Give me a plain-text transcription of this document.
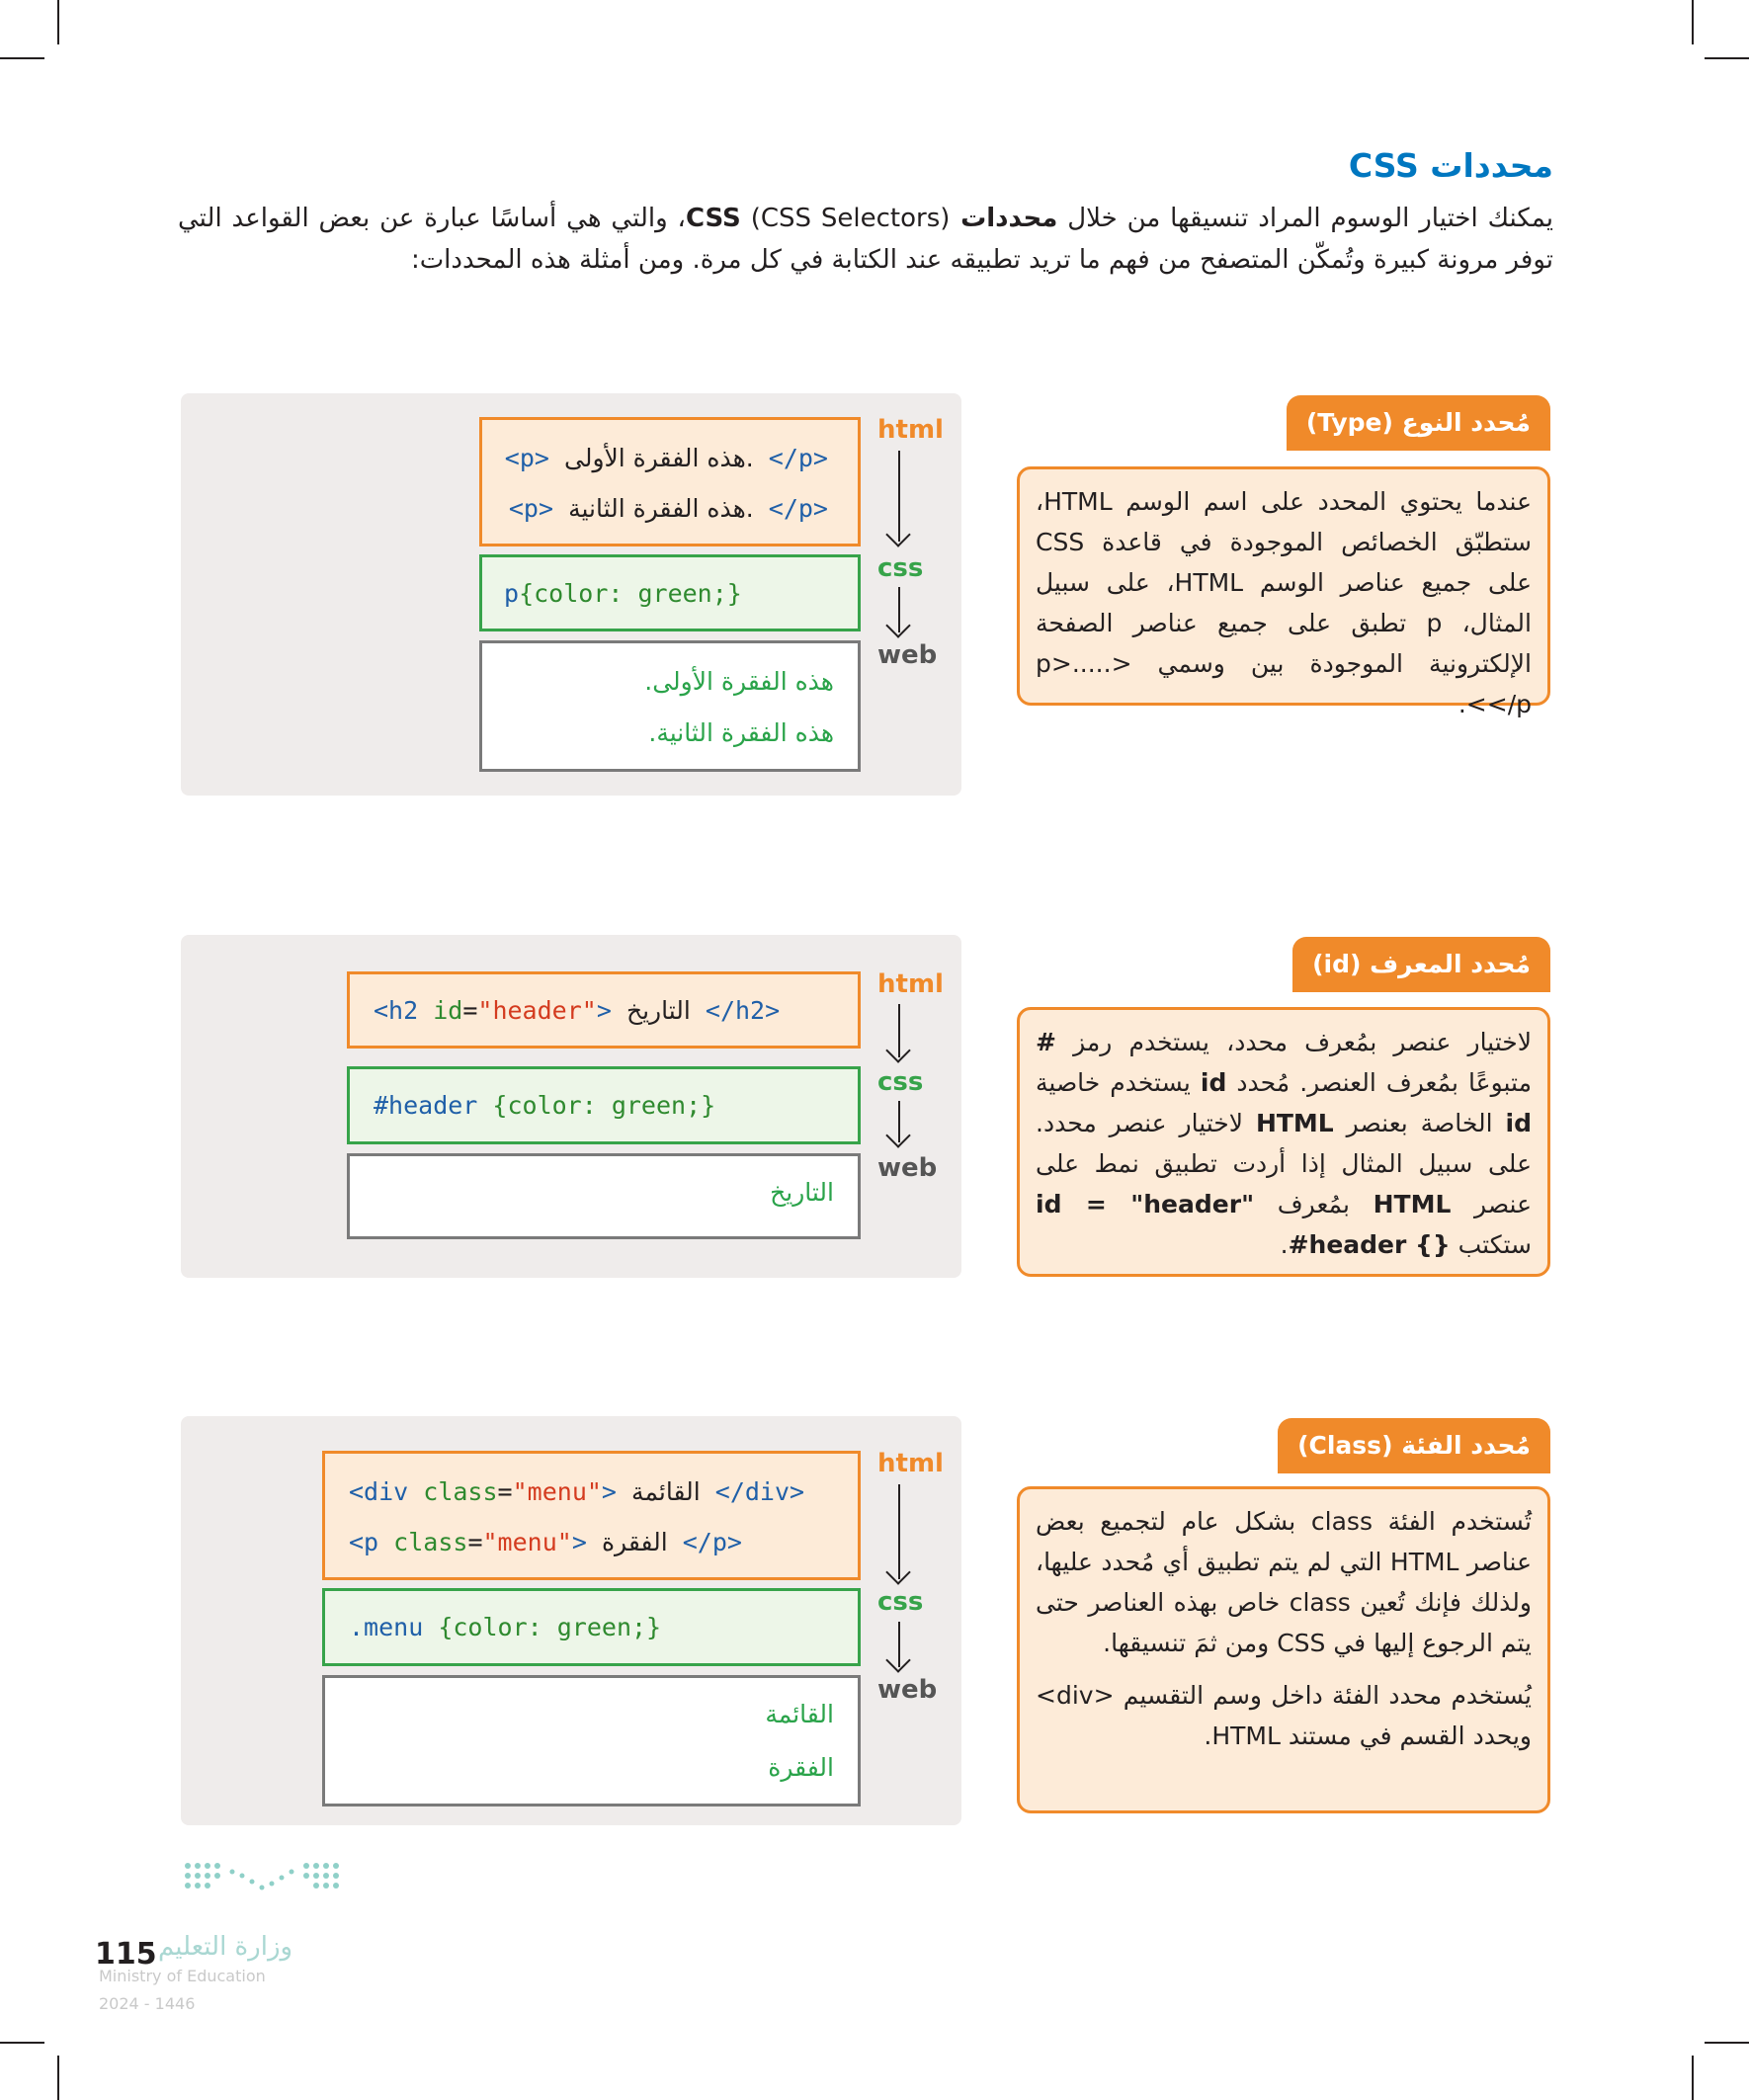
محددات CSS

يمكنك اختيار الوسوم المراد تنسيقها من خلال محددات CSS (CSS Selectors)، والتي هي أساسًا عبارة عن بعض القواعد التي توفر مرونة كبيرة وتُمكّن المتصفح من فهم ما تريد تطبيقه عند الكتابة في كل مرة. ومن أمثلة هذه المحددات:

<p> هذه الفقرة الأولى. </p>
<p> هذه الفقرة الثانية. </p>
p{color: green;}
هذه الفقرة الأولى.
هذه الفقرة الثانية.
html
css
web
مُحدد النوع (Type)
عندما يحتوي المحدد على اسم الوسم HTML، ستطبّق الخصائص الموجودة في قاعدة CSS على جميع عناصر الوسم HTML، على سبيل المثال، p تطبق على جميع عناصر الصفحة الإلكترونية الموجودة بين وسمي <p>.....</p>.
<h2 id="header"> التاريخ </h2>
#header {color: green;}
التاريخ
html
css
web
مُحدد المعرف (id)
لاختيار عنصر بمُعرف محدد، يستخدم رمز # متبوعًا بمُعرف العنصر. مُحدد id يستخدم خاصية id الخاصة بعنصر HTML لاختيار عنصر محدد. على سبيل المثال إذا أردت تطبيق نمط على عنصر HTML بمُعرف id = "header" ستكتب #header {}.
<div class="menu"> القائمة </div>
<p class="menu"> الفقرة </p>
.menu {color: green;}
القائمة
الفقرة
html
css
web
مُحدد الفئة (Class)

تُستخدم الفئة class بشكل عام لتجميع بعض عناصر HTML التي لم يتم تطبيق أي مُحدد عليها، ولذلك فإنك تُعين class خاص بهذه العناصر حتى يتم الرجوع إليها في CSS ومن ثمَ تنسيقها.

يُستخدم محدد الفئة داخل وسم التقسيم <div> ويحدد القسم في مستند HTML.

وزارة التعليم
115
Ministry of Education
2024 - 1446
